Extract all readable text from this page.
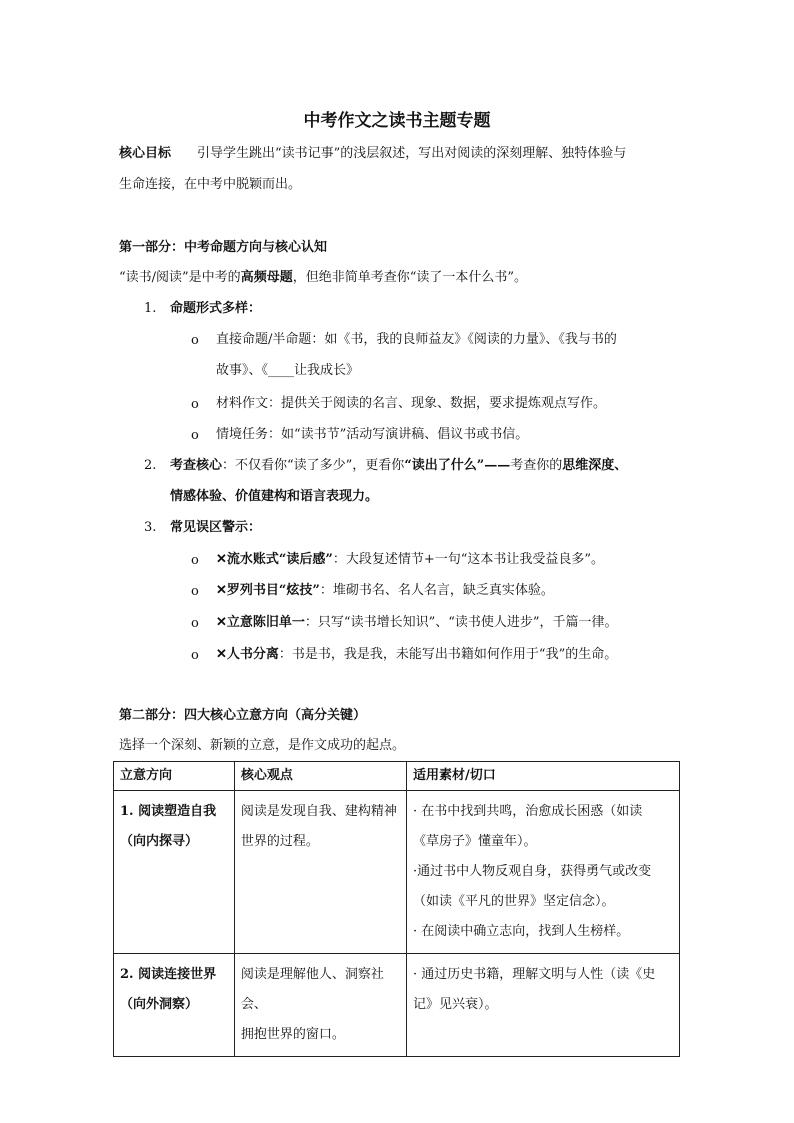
中考作文之读书主题专题
核心目标 引导学生跳出“读书记事”的浅层叙述，写出对阅读的深刻理解、独特体验与
生命连接，在中考中脱颖而出。
第一部分：中考命题方向与核心认知
“读书/阅读”是中考的高频母题，但绝非简单考查你“读了一本什么书”。
1. 命题形式多样：
o 直接命题/半命题：如《书，我的良师益友》《阅读的力量》、《我与书的
故事》、《____让我成长》
o 材料作文：提供关于阅读的名言、现象、数据，要求提炼观点写作。
o 情境任务：如“读书节”活动写演讲稿、倡议书或书信。
2. 考查核心：不仅看你“读了多少”，更看你“读出了什么”——考查你的思维深度、
情感体验、价值建构和语言表现力。
3. 常见误区警示：
o ✕流水账式“读后感”：大段复述情节+一句“这本书让我受益良多”。
o ✕罗列书目“炫技”：堆砌书名、名人名言，缺乏真实体验。
o ✕立意陈旧单一：只写“读书增长知识”、“读书使人进步”，千篇一律。
o ✕人书分离：书是书，我是我，未能写出书籍如何作用于“我”的生命。
第二部分：四大核心立意方向（高分关键）
选择一个深刻、新颖的立意，是作文成功的起点。
立意方向	核心观点	适用素材/切口

1. 阅读塑造自我
（向内探寻）	阅读是发现自我、建构精神
世界的过程。	· 在书中找到共鸣，治愈成长困惑（如读
《草房子》懂童年）。
·通过书中人物反观自身，获得勇气或改变
（如读《平凡的世界》坚定信念）。
· 在阅读中确立志向，找到人生榜样。

2. 阅读连接世界
（向外洞察）	阅读是理解他人、洞察社会、
拥抱世界的窗口。	· 通过历史书籍，理解文明与人性（读《史
记》见兴衰）。
